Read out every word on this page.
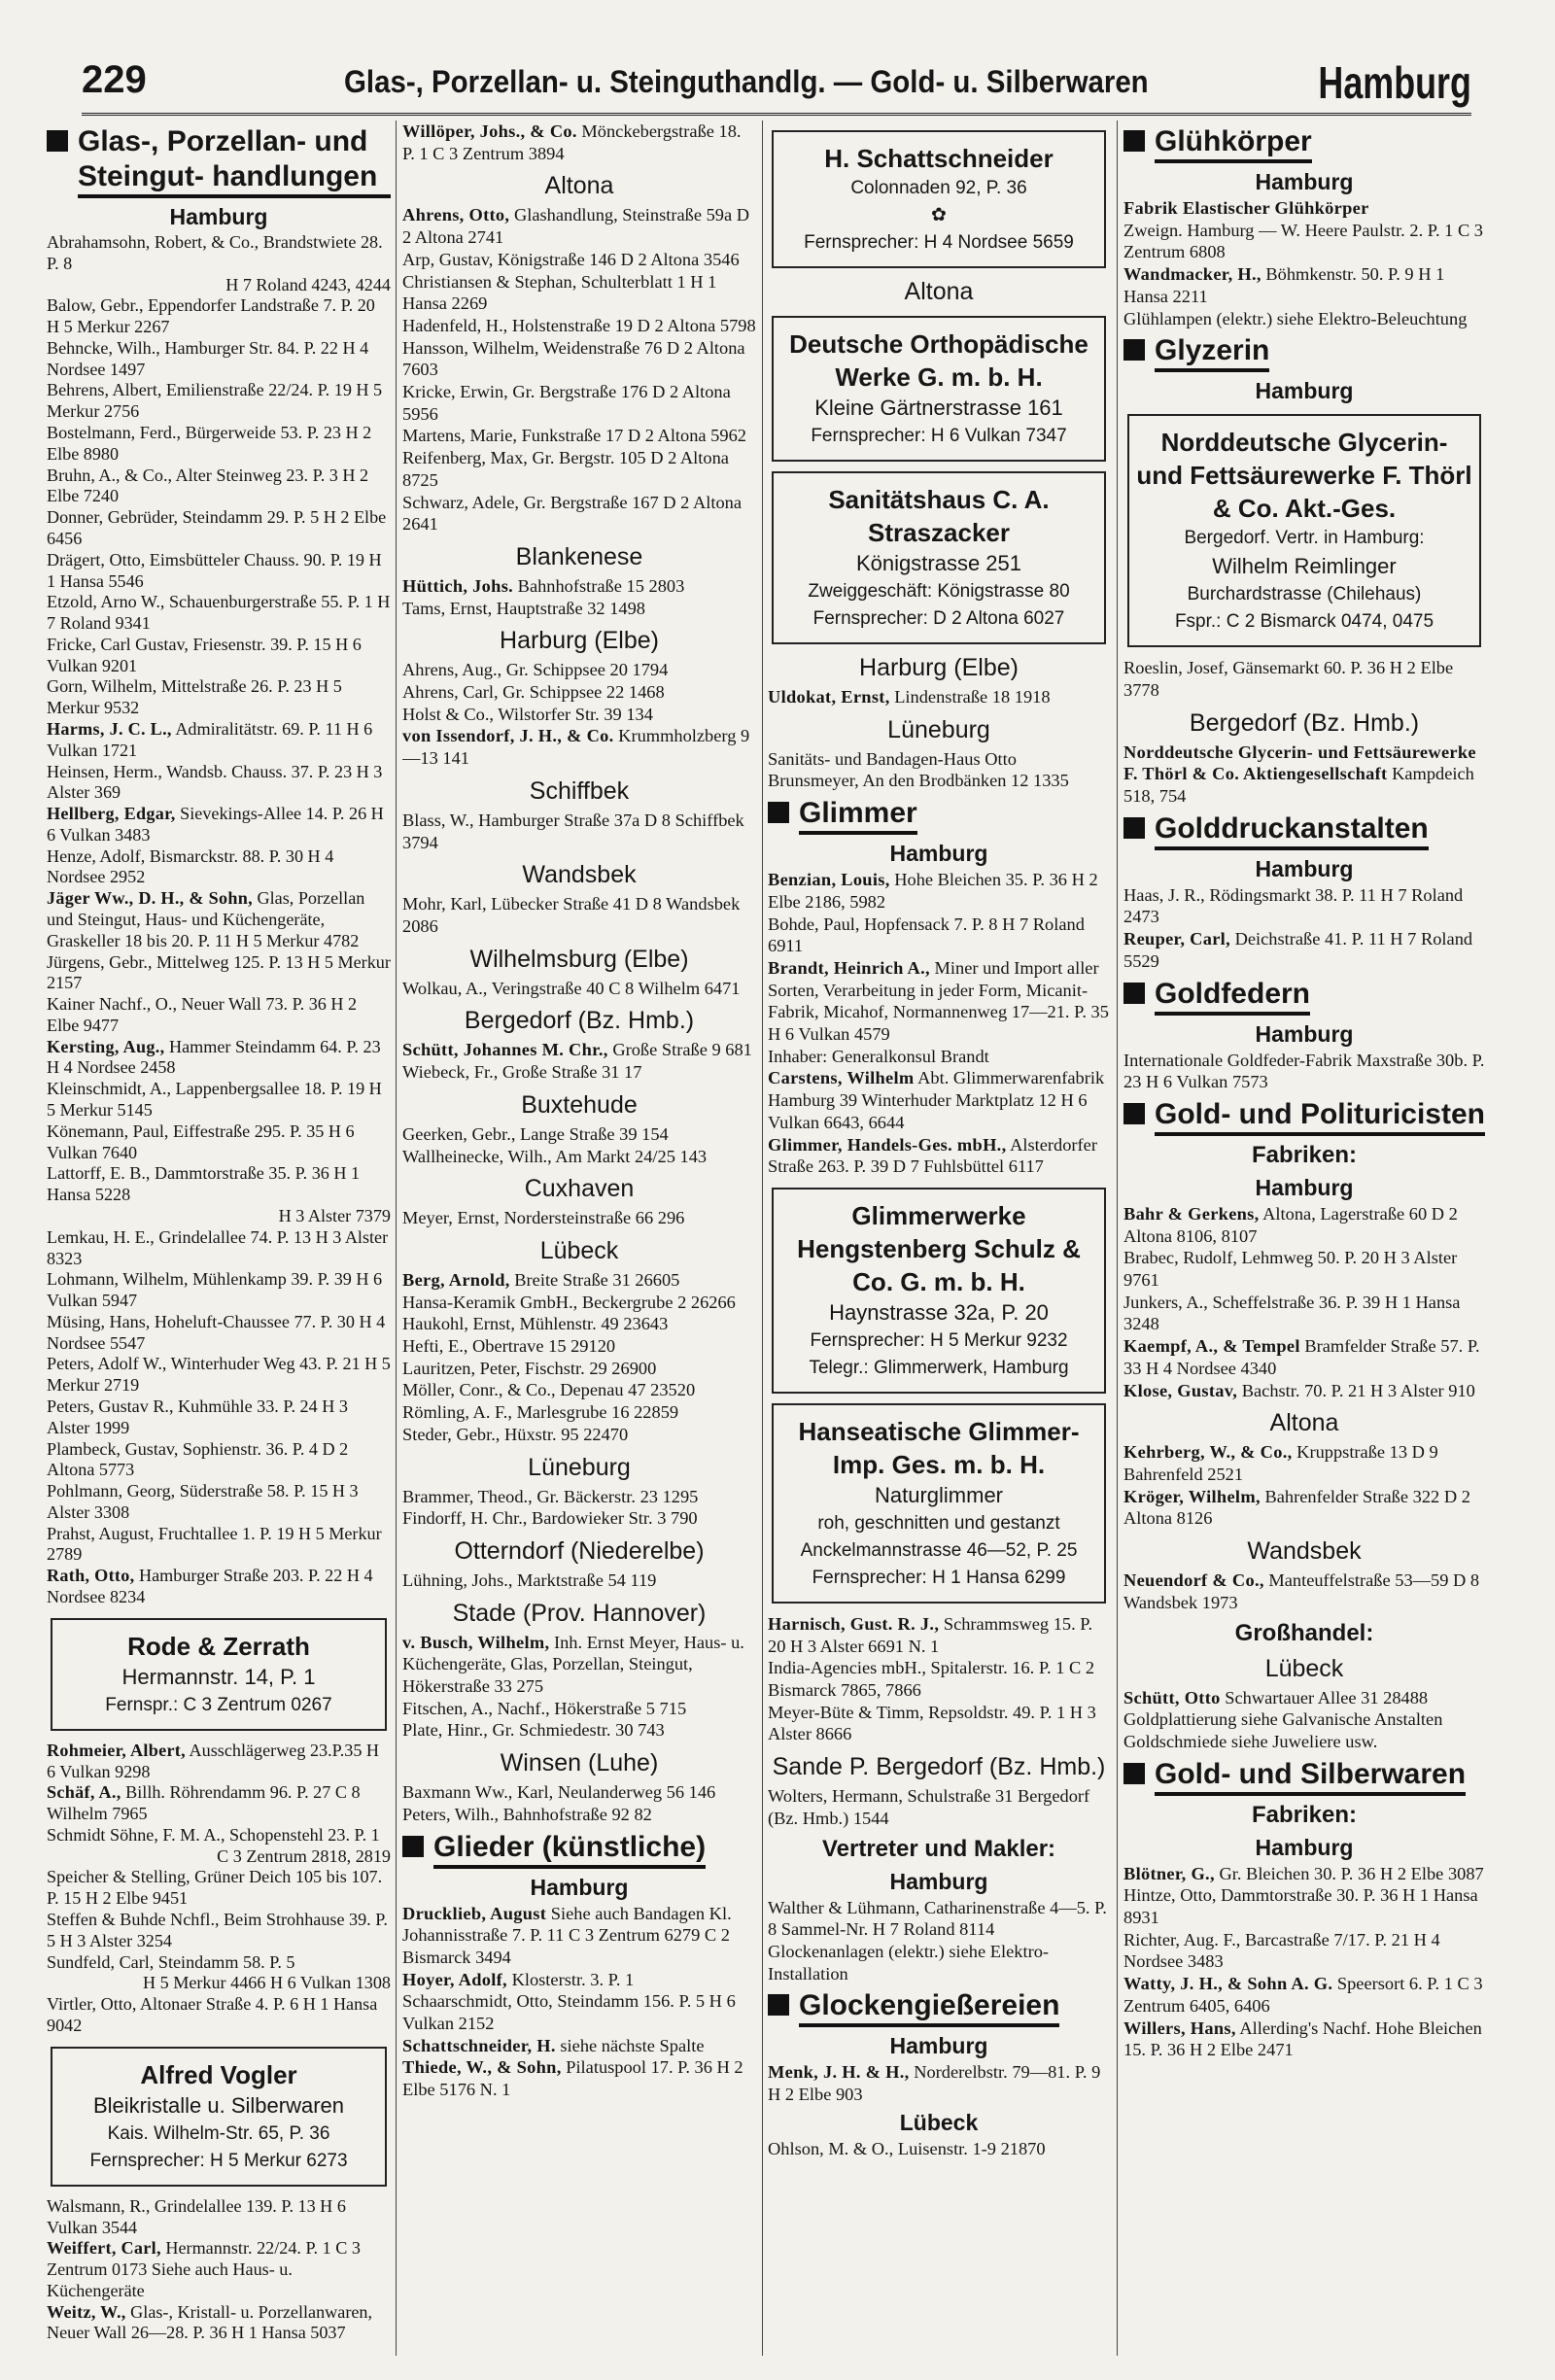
229	Glas-, Porzellan- u. Steinguthandlg. — Gold- u. Silberwaren	Hamburg
Glas-, Porzellan- und Steingut- handlungen
Hamburg

Abrahamsohn, Robert, & Co., Brandstwiete 28. P. 8

H 7 Roland 4243, 4244

Balow, Gebr., Eppendorfer Landstraße 7. P. 20 H 5 Merkur 2267

Behncke, Wilh., Hamburger Str. 84. P. 22 H 4 Nordsee 1497

Behrens, Albert, Emilienstraße 22/24. P. 19 H 5 Merkur 2756

Bostelmann, Ferd., Bürgerweide 53. P. 23 H 2 Elbe 8980

Bruhn, A., & Co., Alter Steinweg 23. P. 3 H 2 Elbe 7240

Donner, Gebrüder, Steindamm 29. P. 5 H 2 Elbe 6456

Drägert, Otto, Eimsbütteler Chauss. 90. P. 19 H 1 Hansa 5546

Etzold, Arno W., Schauenburgerstraße 55. P. 1 H 7 Roland 9341

Fricke, Carl Gustav, Friesenstr. 39. P. 15 H 6 Vulkan 9201

Gorn, Wilhelm, Mittelstraße 26. P. 23 H 5 Merkur 9532

Harms, J. C. L., Admiralitätstr. 69. P. 11 H 6 Vulkan 1721

Heinsen, Herm., Wandsb. Chauss. 37. P. 23 H 3 Alster 369

Hellberg, Edgar, Sievekings-Allee 14. P. 26 H 6 Vulkan 3483

Henze, Adolf, Bismarckstr. 88. P. 30 H 4 Nordsee 2952

Jäger Ww., D. H., & Sohn, Glas, Porzellan und Steingut, Haus- und Küchengeräte, Graskeller 18 bis 20. P. 11 H 5 Merkur 4782

Jürgens, Gebr., Mittelweg 125. P. 13 H 5 Merkur 2157

Kainer Nachf., O., Neuer Wall 73. P. 36 H 2 Elbe 9477

Kersting, Aug., Hammer Steindamm 64. P. 23 H 4 Nordsee 2458

Kleinschmidt, A., Lappenbergsallee 18. P. 19 H 5 Merkur 5145

Könemann, Paul, Eiffestraße 295. P. 35 H 6 Vulkan 7640

Lattorff, E. B., Dammtorstraße 35. P. 36 H 1 Hansa 5228

H 3 Alster 7379

Lemkau, H. E., Grindelallee 74. P. 13 H 3 Alster 8323

Lohmann, Wilhelm, Mühlenkamp 39. P. 39 H 6 Vulkan 5947

Müsing, Hans, Hoheluft-Chaussee 77. P. 30 H 4 Nordsee 5547

Peters, Adolf W., Winterhuder Weg 43. P. 21 H 5 Merkur 2719

Peters, Gustav R., Kuhmühle 33. P. 24 H 3 Alster 1999

Plambeck, Gustav, Sophienstr. 36. P. 4 D 2 Altona 5773

Pohlmann, Georg, Süderstraße 58. P. 15 H 3 Alster 3308

Prahst, August, Fruchtallee 1. P. 19 H 5 Merkur 2789

Rath, Otto, Hamburger Straße 203. P. 22 H 4 Nordsee 8234

Rode & Zerrath
Hermannstr. 14, P. 1
Fernspr.: C 3 Zentrum 0267

Rohmeier, Albert, Ausschlägerweg 23.P.35 H 6 Vulkan 9298

Schäf, A., Billh. Röhrendamm 96. P. 27 C 8 Wilhelm 7965

Schmidt Söhne, F. M. A., Schopenstehl 23. P. 1

C 3 Zentrum 2818, 2819

Speicher & Stelling, Grüner Deich 105 bis 107. P. 15 H 2 Elbe 9451

Steffen & Buhde Nchfl., Beim Strohhause 39. P. 5 H 3 Alster 3254

Sundfeld, Carl, Steindamm 58. P. 5

H 5 Merkur 4466 H 6 Vulkan 1308

Virtler, Otto, Altonaer Straße 4. P. 6 H 1 Hansa 9042

Alfred Vogler
Bleikristalle u. Silberwaren
Kais. Wilhelm-Str. 65, P. 36
Fernsprecher: H 5 Merkur 6273

Walsmann, R., Grindelallee 139. P. 13 H 6 Vulkan 3544

Weiffert, Carl, Hermannstr. 22/24. P. 1 C 3 Zentrum 0173 Siehe auch Haus- u. Küchengeräte

Weitz, W., Glas-, Kristall- u. Porzellanwaren, Neuer Wall 26—28. P. 36 H 1 Hansa 5037

Willöper, Johs., & Co. Mönckebergstraße 18. P. 1 C 3 Zentrum 3894

Altona

Ahrens, Otto, Glashandlung, Steinstraße 59a D 2 Altona 2741

Arp, Gustav, Königstraße 146 D 2 Altona 3546

Christiansen & Stephan, Schulterblatt 1 H 1 Hansa 2269

Hadenfeld, H., Holstenstraße 19 D 2 Altona 5798

Hansson, Wilhelm, Weidenstraße 76 D 2 Altona 7603

Kricke, Erwin, Gr. Bergstraße 176 D 2 Altona 5956

Martens, Marie, Funkstraße 17 D 2 Altona 5962

Reifenberg, Max, Gr. Bergstr. 105 D 2 Altona 8725

Schwarz, Adele, Gr. Bergstraße 167 D 2 Altona 2641

Blankenese

Hüttich, Johs. Bahnhofstraße 15 2803

Tams, Ernst, Hauptstraße 32 1498

Harburg (Elbe)

Ahrens, Aug., Gr. Schippsee 20 1794

Ahrens, Carl, Gr. Schippsee 22 1468

Holst & Co., Wilstorfer Str. 39 134

von Issendorf, J. H., & Co. Krummholzberg 9—13 141

Schiffbek

Blass, W., Hamburger Straße 37a D 8 Schiffbek 3794

Wandsbek

Mohr, Karl, Lübecker Straße 41 D 8 Wandsbek 2086

Wilhelmsburg (Elbe)

Wolkau, A., Veringstraße 40 C 8 Wilhelm 6471

Bergedorf (Bz. Hmb.)

Schütt, Johannes M. Chr., Große Straße 9 681

Wiebeck, Fr., Große Straße 31 17

Buxtehude

Geerken, Gebr., Lange Straße 39 154

Wallheinecke, Wilh., Am Markt 24/25 143

Cuxhaven

Meyer, Ernst, Nordersteinstraße 66 296

Lübeck

Berg, Arnold, Breite Straße 31 26605

Hansa-Keramik GmbH., Beckergrube 2 26266

Haukohl, Ernst, Mühlenstr. 49 23643

Hefti, E., Obertrave 15 29120

Lauritzen, Peter, Fischstr. 29 26900

Möller, Conr., & Co., Depenau 47 23520

Römling, A. F., Marlesgrube 16 22859

Steder, Gebr., Hüxstr. 95 22470

Lüneburg

Brammer, Theod., Gr. Bäckerstr. 23 1295

Findorff, H. Chr., Bardowieker Str. 3 790

Otterndorf (Niederelbe)

Lühning, Johs., Marktstraße 54 119

Stade (Prov. Hannover)

v. Busch, Wilhelm, Inh. Ernst Meyer, Haus- u. Küchengeräte, Glas, Porzellan, Steingut, Hökerstraße 33 275

Fitschen, A., Nachf., Hökerstraße 5 715

Plate, Hinr., Gr. Schmiedestr. 30 743

Winsen (Luhe)

Baxmann Ww., Karl, Neulanderweg 56 146

Peters, Wilh., Bahnhofstraße 92 82

Glieder (künstliche)
Hamburg

Drucklieb, August Siehe auch Bandagen Kl. Johannisstraße 7. P. 11 C 3 Zentrum 6279 C 2 Bismarck 3494

Hoyer, Adolf, Klosterstr. 3. P. 1

Schaarschmidt, Otto, Steindamm 156. P. 5 H 6 Vulkan 2152

Schattschneider, H. siehe nächste Spalte

Thiede, W., & Sohn, Pilatuspool 17. P. 36 H 2 Elbe 5176 N. 1

H. Schattschneider
Colonnaden 92, P. 36
✿
Fernsprecher: H 4 Nordsee 5659
Altona
Deutsche Orthopädische Werke G. m. b. H.
Kleine Gärtnerstrasse 161
Fernsprecher: H 6 Vulkan 7347
Sanitätshaus C. A. Straszacker
Königstrasse 251
Zweiggeschäft: Königstrasse 80
Fernsprecher: D 2 Altona 6027
Harburg (Elbe)

Uldokat, Ernst, Lindenstraße 18 1918

Lüneburg

Sanitäts- und Bandagen-Haus Otto Brunsmeyer, An den Brodbänken 12 1335

Glimmer
Hamburg

Benzian, Louis, Hohe Bleichen 35. P. 36 H 2 Elbe 2186, 5982

Bohde, Paul, Hopfensack 7. P. 8 H 7 Roland 6911

Brandt, Heinrich A., Miner und Import aller Sorten, Verarbeitung in jeder Form, Micanit-Fabrik, Micahof, Normannenweg 17—21. P. 35 H 6 Vulkan 4579

Inhaber: Generalkonsul Brandt

Carstens, Wilhelm Abt. Glimmerwarenfabrik Hamburg 39 Winterhuder Marktplatz 12 H 6 Vulkan 6643, 6644

Glimmer, Handels-Ges. mbH., Alsterdorfer Straße 263. P. 39 D 7 Fuhlsbüttel 6117

Glimmerwerke Hengstenberg Schulz & Co. G. m. b. H.
Haynstrasse 32a, P. 20
Fernsprecher: H 5 Merkur 9232
Telegr.: Glimmerwerk, Hamburg
Hanseatische Glimmer-Imp. Ges. m. b. H.
Naturglimmer
roh, geschnitten und gestanzt
Anckelmannstrasse 46—52, P. 25
Fernsprecher: H 1 Hansa 6299

Harnisch, Gust. R. J., Schrammsweg 15. P. 20 H 3 Alster 6691 N. 1

India-Agencies mbH., Spitalerstr. 16. P. 1 C 2 Bismarck 7865, 7866

Meyer-Büte & Timm, Repsoldstr. 49. P. 1 H 3 Alster 8666

Sande P. Bergedorf (Bz. Hmb.)

Wolters, Hermann, Schulstraße 31 Bergedorf (Bz. Hmb.) 1544

Vertreter und Makler:
Hamburg

Walther & Lühmann, Catharinenstraße 4—5. P. 8 Sammel-Nr. H 7 Roland 8114

Glockenanlagen (elektr.) siehe Elektro-Installation

Glockengießereien
Hamburg

Menk, J. H. & H., Norderelbstr. 79—81. P. 9 H 2 Elbe 903

Lübeck

Ohlson, M. & O., Luisenstr. 1-9 21870

Glühkörper
Hamburg

Fabrik Elastischer Glühkörper

Zweign. Hamburg — W. Heere Paulstr. 2. P. 1 C 3 Zentrum 6808

Wandmacker, H., Böhmkenstr. 50. P. 9 H 1 Hansa 2211

Glühlampen (elektr.) siehe Elektro-Beleuchtung

Glyzerin
Hamburg
Norddeutsche Glycerin- und Fettsäurewerke F. Thörl & Co. Akt.-Ges.
Bergedorf. Vertr. in Hamburg:
Wilhelm Reimlinger
Burchardstrasse (Chilehaus)
Fspr.: C 2 Bismarck 0474, 0475

Roeslin, Josef, Gänsemarkt 60. P. 36 H 2 Elbe 3778

Bergedorf (Bz. Hmb.)

Norddeutsche Glycerin- und Fettsäurewerke F. Thörl & Co. Aktiengesellschaft Kampdeich 518, 754

Golddruckanstalten
Hamburg

Haas, J. R., Rödingsmarkt 38. P. 11 H 7 Roland 2473

Reuper, Carl, Deichstraße 41. P. 11 H 7 Roland 5529

Goldfedern
Hamburg

Internationale Goldfeder-Fabrik Maxstraße 30b. P. 23 H 6 Vulkan 7573

Gold- und Polituricisten
Fabriken:
Hamburg

Bahr & Gerkens, Altona, Lagerstraße 60 D 2 Altona 8106, 8107

Brabec, Rudolf, Lehmweg 50. P. 20 H 3 Alster 9761

Junkers, A., Scheffelstraße 36. P. 39 H 1 Hansa 3248

Kaempf, A., & Tempel Bramfelder Straße 57. P. 33 H 4 Nordsee 4340

Klose, Gustav, Bachstr. 70. P. 21 H 3 Alster 910

Altona

Kehrberg, W., & Co., Kruppstraße 13 D 9 Bahrenfeld 2521

Kröger, Wilhelm, Bahrenfelder Straße 322 D 2 Altona 8126

Wandsbek

Neuendorf & Co., Manteuffelstraße 53—59 D 8 Wandsbek 1973

Großhandel:
Lübeck

Schütt, Otto Schwartauer Allee 31 28488

Goldplattierung siehe Galvanische Anstalten

Goldschmiede siehe Juweliere usw.

Gold- und Silberwaren
Fabriken:
Hamburg

Blötner, G., Gr. Bleichen 30. P. 36 H 2 Elbe 3087

Hintze, Otto, Dammtorstraße 30. P. 36 H 1 Hansa 8931

Richter, Aug. F., Barcastraße 7/17. P. 21 H 4 Nordsee 3483

Watty, J. H., & Sohn A. G. Speersort 6. P. 1 C 3 Zentrum 6405, 6406

Willers, Hans, Allerding's Nachf. Hohe Bleichen 15. P. 36 H 2 Elbe 2471
